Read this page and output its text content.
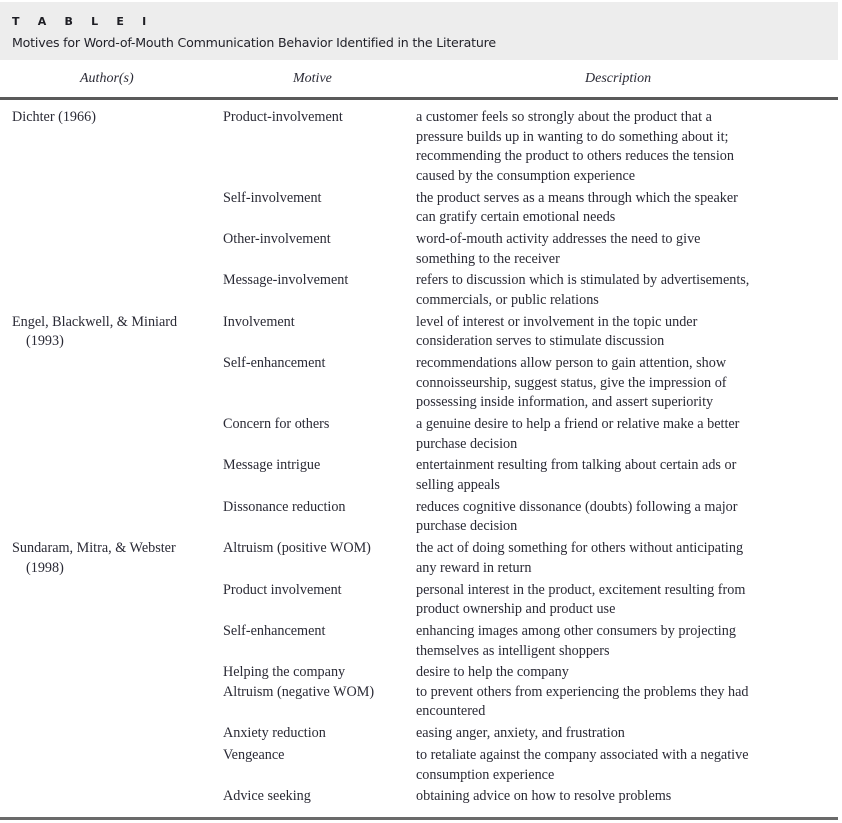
T A B L E I
Motives for Word-of-Mouth Communication Behavior Identified in the Literature
Author(s)	Motive	Description
Dichter (1966)	Product-involvement	a customer feels so strongly about the product that a
pressure builds up in wanting to do something about it;
recommending the product to others reduces the tension
caused by the consumption experience
Self-involvement	the product serves as a means through which the speaker
can gratify certain emotional needs
Other-involvement	word-of-mouth activity addresses the need to give
something to the receiver
Message-involvement	refers to discussion which is stimulated by advertisements,
commercials, or public relations
Engel, Blackwell, & Miniard
(1993)
Involvement	level of interest or involvement in the topic under
consideration serves to stimulate discussion
Self-enhancement	recommendations allow person to gain attention, show
connoisseurship, suggest status, give the impression of
possessing inside information, and assert superiority
Concern for others	a genuine desire to help a friend or relative make a better
purchase decision
Message intrigue	entertainment resulting from talking about certain ads or
selling appeals
Dissonance reduction	reduces cognitive dissonance (doubts) following a major
purchase decision
Sundaram, Mitra, & Webster
(1998)
Altruism (positive WOM)	the act of doing something for others without anticipating
any reward in return
Product involvement	personal interest in the product, excitement resulting from
product ownership and product use
Self-enhancement	enhancing images among other consumers by projecting
themselves as intelligent shoppers
Helping the company	desire to help the company
Altruism (negative WOM)	to prevent others from experiencing the problems they had
encountered
Anxiety reduction	easing anger, anxiety, and frustration
Vengeance	to retaliate against the company associated with a negative
consumption experience
Advice seeking	obtaining advice on how to resolve problems
